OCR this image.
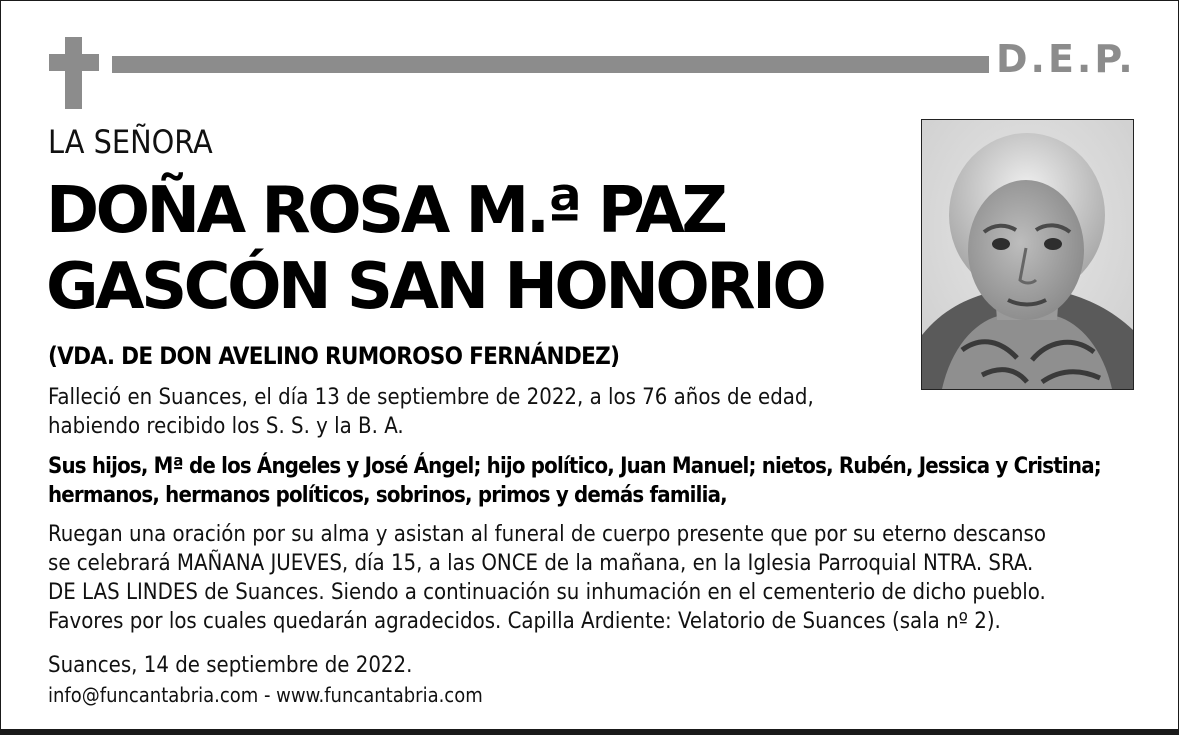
D.E.P.
LA SEÑORA
DOÑA ROSA M.ª PAZ
GASCÓN SAN HONORIO
(VDA. DE DON AVELINO RUMOROSO FERNÁNDEZ)
Falleció en Suances, el día 13 de septiembre de 2022, a los 76 años de edad,
habiendo recibido los S. S. y la B. A.
Sus hijos, Mª de los Ángeles y José Ángel; hijo político, Juan Manuel; nietos, Rubén, Jessica y Cristina;
hermanos, hermanos políticos, sobrinos, primos y demás familia,
Ruegan una oración por su alma y asistan al funeral de cuerpo presente que por su eterno descanso
se celebrará MAÑANA JUEVES, día 15, a las ONCE de la mañana, en la Iglesia Parroquial NTRA. SRA.
DE LAS LINDES de Suances. Siendo a continuación su inhumación en el cementerio de dicho pueblo.
Favores por los cuales quedarán agradecidos. Capilla Ardiente: Velatorio de Suances (sala nº 2).
Suances, 14 de septiembre de 2022.
info@funcantabria.com - www.funcantabria.com
